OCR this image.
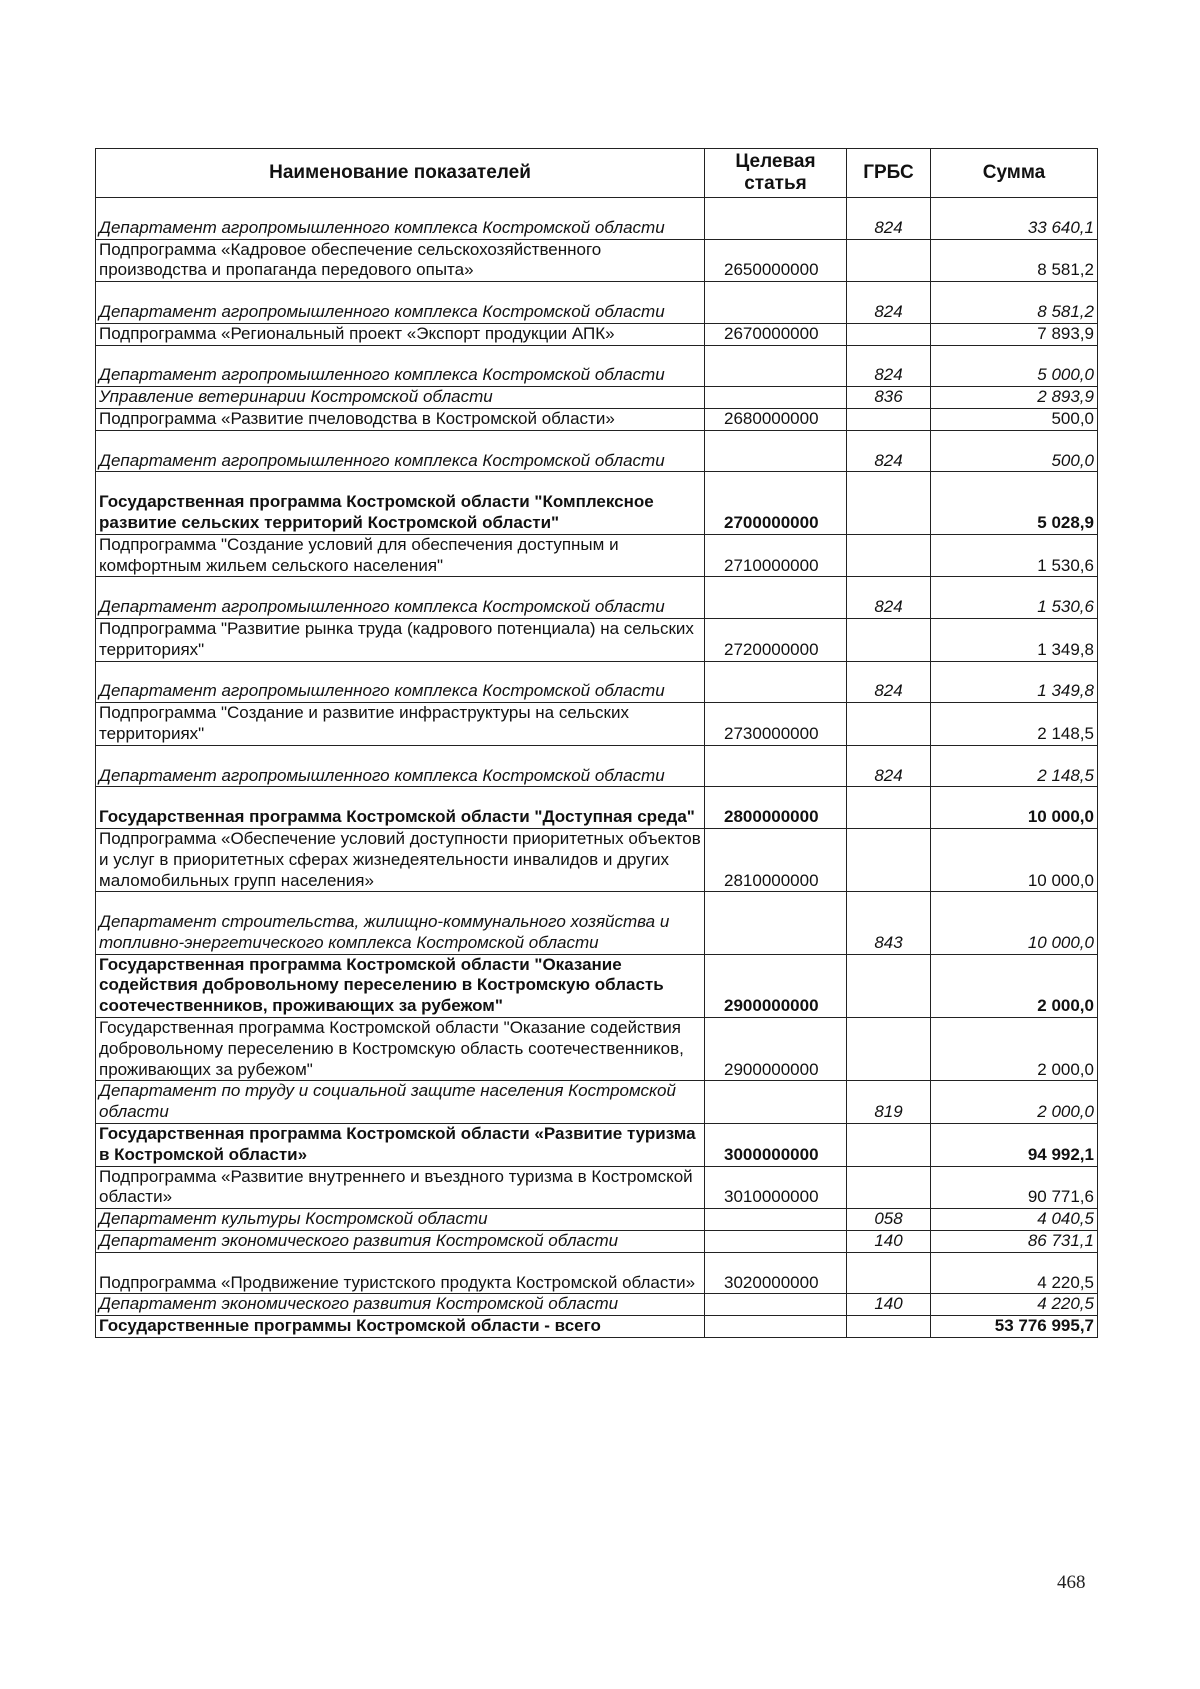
Наименование показателей	Целевая статья	ГРБС	Сумма
Департамент агропромышленного комплекса Костромской области		824	33 640,1
Подпрограмма «Кадровое обеспечение сельскохозяйственного производства и пропаганда передового опыта»	2650000000		8 581,2
Департамент агропромышленного комплекса Костромской области		824	8 581,2
Подпрограмма «Региональный проект «Экспорт продукции АПК»	2670000000		7 893,9
Департамент агропромышленного комплекса Костромской области		824	5 000,0
Управление ветеринарии Костромской области		836	2 893,9
Подпрограмма «Развитие пчеловодства в Костромской области»	2680000000		500,0
Департамент агропромышленного комплекса Костромской области		824	500,0
Государственная программа Костромской области "Комплексное развитие сельских территорий Костромской области"	2700000000		5 028,9
Подпрограмма "Создание условий для обеспечения доступным и комфортным жильем сельского населения"	2710000000		1 530,6
Департамент агропромышленного комплекса Костромской области		824	1 530,6
Подпрограмма "Развитие рынка труда (кадрового потенциала) на сельских территориях"	2720000000		1 349,8
Департамент агропромышленного комплекса Костромской области		824	1 349,8
Подпрограмма "Создание и развитие инфраструктуры на сельских территориях"	2730000000		2 148,5
Департамент агропромышленного комплекса Костромской области		824	2 148,5
Государственная программа Костромской области "Доступная среда"	2800000000		10 000,0
Подпрограмма «Обеспечение условий доступности приоритетных объектов и услуг в приоритетных сферах жизнедеятельности инвалидов и других маломобильных групп населения»	2810000000		10 000,0
Департамент строительства, жилищно-коммунального хозяйства и топливно-энергетического комплекса Костромской области		843	10 000,0
Государственная программа Костромской области "Оказание содействия добровольному переселению в Костромскую область соотечественников, проживающих за рубежом"	2900000000		2 000,0
Государственная программа Костромской области "Оказание содействия добровольному переселению в Костромскую область соотечественников, проживающих за рубежом"	2900000000		2 000,0
Департамент по труду и социальной защите населения Костромской области		819	2 000,0
Государственная программа Костромской области «Развитие туризма в Костромской области»	3000000000		94 992,1
Подпрограмма «Развитие внутреннего и въездного туризма в Костромской области»	3010000000		90 771,6
Департамент культуры Костромской области		058	4 040,5
Департамент экономического развития Костромской области		140	86 731,1
Подпрограмма «Продвижение туристского продукта Костромской области»	3020000000		4 220,5
Департамент экономического развития Костромской области		140	4 220,5
Государственные программы Костромской области - всего			53 776 995,7
468
